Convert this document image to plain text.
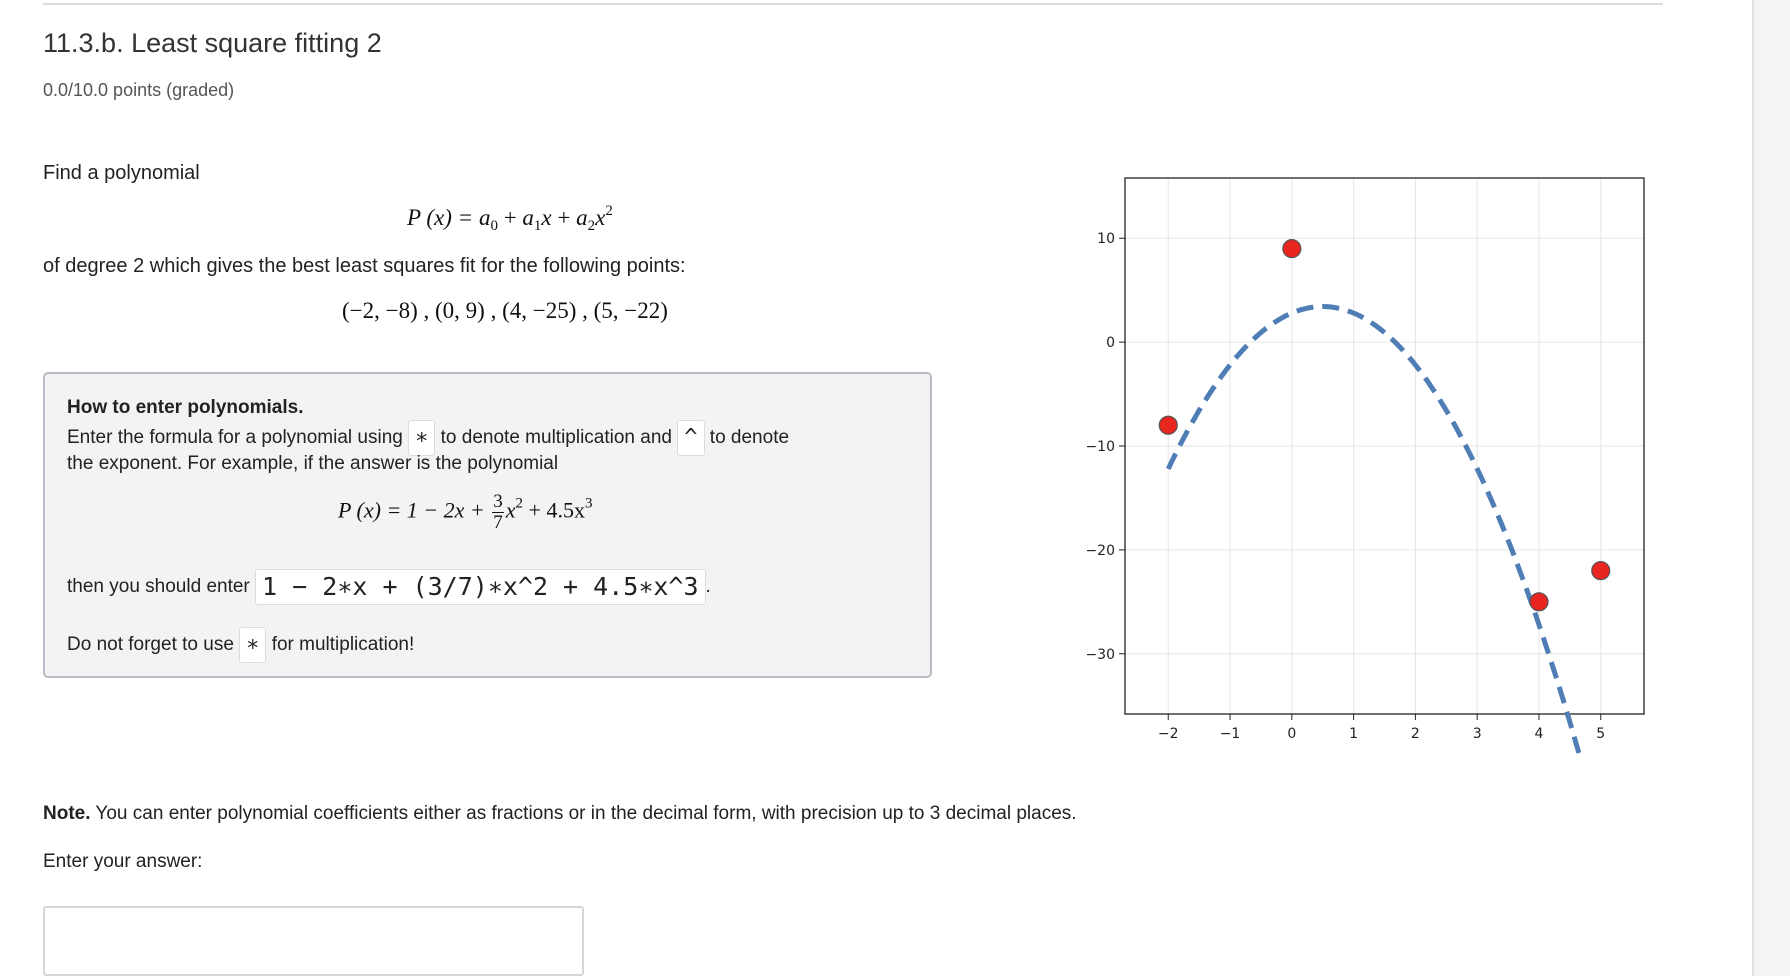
11.3.b. Least square fitting 2
0.0/10.0 points (graded)
Find a polynomial
P $(x) = a_0 + a_1x + a_2x^2$
of degree 2 which gives the best least squares fit for the following points:
(−2, −8) , (0, 9) , (4, −25) , (5, −22)
How to enter polynomials.
Enter the formula for a polynomial using ∗ to denote multiplication and ^ to denote
the exponent. For example, if the answer is the polynomial
P $(x) = 1 - 2x + \frac{3}{7} x^2 + 4.5x^3$
then you should enter 1 − 2∗x + (3/7)∗x^2 + 4.5∗x^3 .
Do not forget to use ∗ for multiplication!
−2	−1	0	1	2	3	4	5
10
0
−10
−20
−30
Note. You can enter polynomial coefficients either as fractions or in the decimal form, with precision up to 3 decimal places.
Enter your answer:
